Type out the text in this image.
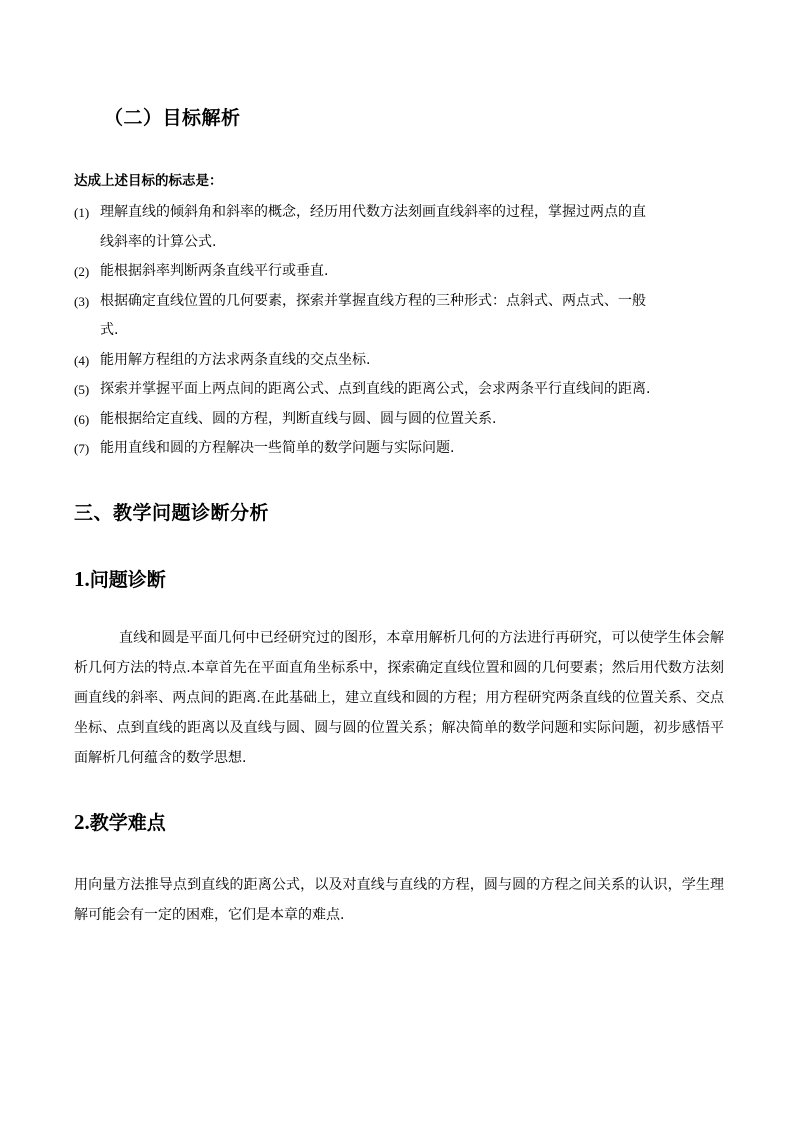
（二）目标解析
达成上述目标的标志是：
(1) 理解直线的倾斜角和斜率的概念，经历用代数方法刻画直线斜率的过程，掌握过两点的直
线斜率的计算公式.
(2) 能根据斜率判断两条直线平行或垂直.
(3) 根据确定直线位置的几何要素，探索并掌握直线方程的三种形式：点斜式、两点式、一般
式.
(4) 能用解方程组的方法求两条直线的交点坐标.
(5) 探索并掌握平面上两点间的距离公式、点到直线的距离公式，会求两条平行直线间的距离.
(6) 能根据给定直线、圆的方程，判断直线与圆、圆与圆的位置关系.
(7) 能用直线和圆的方程解决一些简单的数学问题与实际问题.
三、教学问题诊断分析
1.问题诊断

直线和圆是平面几何中已经研究过的图形，本章用解析几何的方法进行再研究，可以使学生体会解析几何方法的特点.本章首先在平面直角坐标系中，探索确定直线位置和圆的几何要素；然后用代数方法刻画直线的斜率、两点间的距离.在此基础上，建立直线和圆的方程；用方程研究两条直线的位置关系、交点坐标、点到直线的距离以及直线与圆、圆与圆的位置关系；解决简单的数学问题和实际问题，初步感悟平面解析几何蕴含的数学思想.

2.教学难点

用向量方法推导点到直线的距离公式，以及对直线与直线的方程，圆与圆的方程之间关系的认识，学生理解可能会有一定的困难，它们是本章的难点.
